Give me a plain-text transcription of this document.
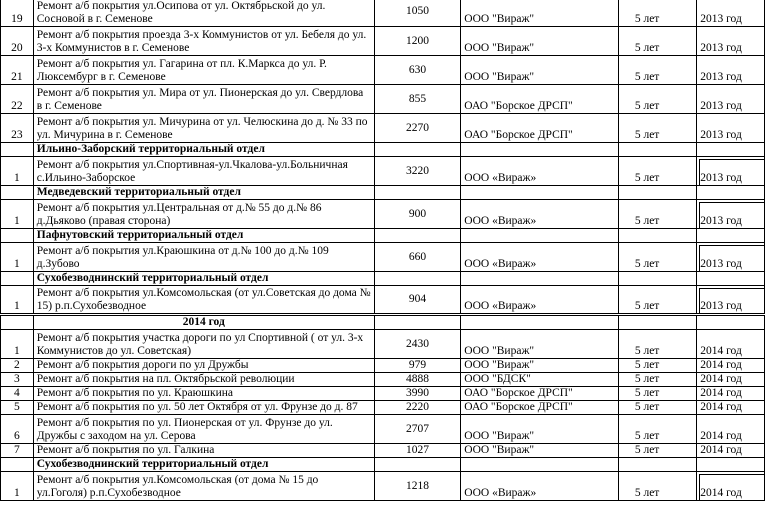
19	Ремонт а/б покрытия ул.Осипова от ул. Октябрьской до ул. Сосновой в г. Семенове	1050	ООО "Вираж"	5 лет	2013 год
20	Ремонт а/б покрытия проезда 3-х Коммунистов от ул. Бебеля до ул. 3-х Коммунистов в г. Семенове	1200	ООО "Вираж"	5 лет	2013 год
21	Ремонт а/б покрытия ул. Гагарина от пл. К.Маркса до ул. Р. Люксембург в г. Семенове	630	ООО "Вираж"	5 лет	2013 год
22	Ремонт а/б покрытия ул. Мира от ул. Пионерская до ул. Свердлова в г. Семенове	855	ОАО "Борское ДРСП"	5 лет	2013 год
23	Ремонт а/б покрытия ул. Мичурина от ул. Челюскина до д. № 33 по ул. Мичурина в г. Семенове	2270	ОАО "Борское ДРСП"	5 лет	2013 год
	Ильино-Заборский территориальный отдел				
1	Ремонт а/б покрытия ул.Спортивная-ул.Чкалова-ул.Больничная с.Ильино-Заборское	3220	ООО «Вираж»	5 лет	2013 год
	Медведевский территориальный отдел				
1	Ремонт а/б покрытия ул.Центральная от д.№ 55 до д.№ 86 д.Дьяково (правая сторона)	900	ООО «Вираж»	5 лет	2013 год
	Пафнутовский территориальный отдел				
1	Ремонт а/б покрытия ул.Краюшкина от д.№ 100 до д.№ 109 д.Зубово	660	ООО «Вираж»	5 лет	2013 год
	Сухобезводнинский территориальный отдел				
1	Ремонт а/б покрытия ул.Комсомольская (от ул.Советская до дома № 15) р.п.Сухобезводное	904	ООО «Вираж»	5 лет	2013 год
	2014 год				
1	Ремонт а/б покрытия участка дороги по ул Спортивной ( от ул. 3-х Коммунистов до ул. Советская)	2430	ООО "Вираж"	5 лет	2014 год
2	Ремонт а/б покрытия дороги по ул Дружбы	979	ООО "Вираж"	5 лет	2014 год
3	Ремонт а/б покрытия на пл. Октябрьской революции	4888	ООО "БДСК"	5 лет	2014 год
4	Ремонт а/б покрытия по ул. Краюшкина	3990	ОАО "Борское ДРСП"	5 лет	2014 год
5	Ремонт а/б покрытия по ул. 50 лет Октября от ул. Фрунзе до д. 87	2220	ОАО "Борское ДРСП"	5 лет	2014 год
6	Ремонт а/б покрытия по ул. Пионерская от ул. Фрунзе до ул. Дружбы с заходом на ул. Серова	2707	ООО "Вираж"	5 лет	2014 год
7	Ремонт а/б покрытия по ул. Галкина	1027	ООО "Вираж"	5 лет	2014 год
	Сухобезводнинский территориальный отдел				
1	Ремонт а/б покрытия ул.Комсомольская (от дома № 15 до ул.Гоголя) р.п.Сухобезводное	1218	ООО «Вираж»	5 лет	2014 год
